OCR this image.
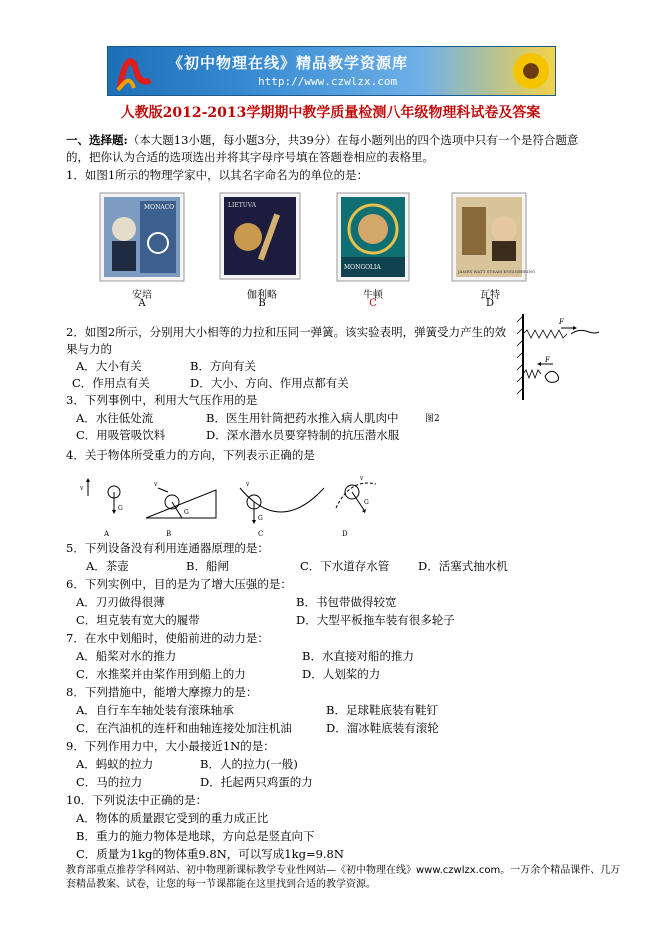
《初中物理在线》精品教学资源库
http://www.czwlzx.com
人教版2012-2013学期期中教学质量检测八年级物理科试卷及答案
一、选择题:（本大题13小题，每小题3分，共39分）在每小题列出的四个选项中只有一个是符合题意
的，把你认为合适的选项选出并将其字母序号填在答题卷相应的表格里。
1．如图1所示的物理学家中，以其名字命名为的单位的是：
MONACO	LIETUVA
MONGOLIA
JAMES WATT STEAM ENGINEERING
安培	伽利略	牛顿	瓦特
A	B	C	D
2．如图2所示，分别用大小相等的力拉和压同一弹簧。该实验表明，弹簧受力产生的效
果与力的
A．大小有关	B．方向有关
C．作用点有关	D．大小、方向、作用点都有关
F
F
3．下列事例中，利用大气压作用的是
A．水往低处流	B．医生用针筒把药水推入病人肌肉中	图2
C．用吸管吸饮料	D．深水潜水员要穿特制的抗压潜水服
4．关于物体所受重力的方向，下列表示正确的是
v
G
G
v
G
v
G
v
A	B	C	D
5．下列设备没有利用连通器原理的是：
A．茶壶	B．船闸	C．下水道存水管 D．活塞式抽水机
6．下列实例中，目的是为了增大压强的是：
A．刀刃做得很薄	B．书包带做得较宽
C．坦克装有宽大的履带	D．大型平板拖车装有很多轮子
7．在水中划船时，使船前进的动力是：
A．船桨对水的推力	B．水直接对船的推力
C．水推桨并由桨作用到船上的力	D．人划桨的力
8．下列措施中，能增大摩擦力的是：
A．自行车车轴处装有滚珠轴承	B．足球鞋底装有鞋钉
C．在汽油机的连杆和曲轴连接处加注机油	D．溜冰鞋底装有滚轮
9．下列作用力中，大小最接近1N的是：
A．蚂蚁的拉力	B．人的拉力(一般)
C．马的拉力	D．托起两只鸡蛋的力
10．下列说法中正确的是：
A．物体的质量跟它受到的重力成正比
B．重力的施力物体是地球，方向总是竖直向下
C．质量为1kg的物体重9.8N，可以写成1kg=9.8N
教育部重点推荐学科网站、初中物理新课标教学专业性网站—《初中物理在线》www.czwlzx.com。一万余个精品课件、几万
套精品教案、试卷，让您的每一节课都能在这里找到合适的教学资源。
